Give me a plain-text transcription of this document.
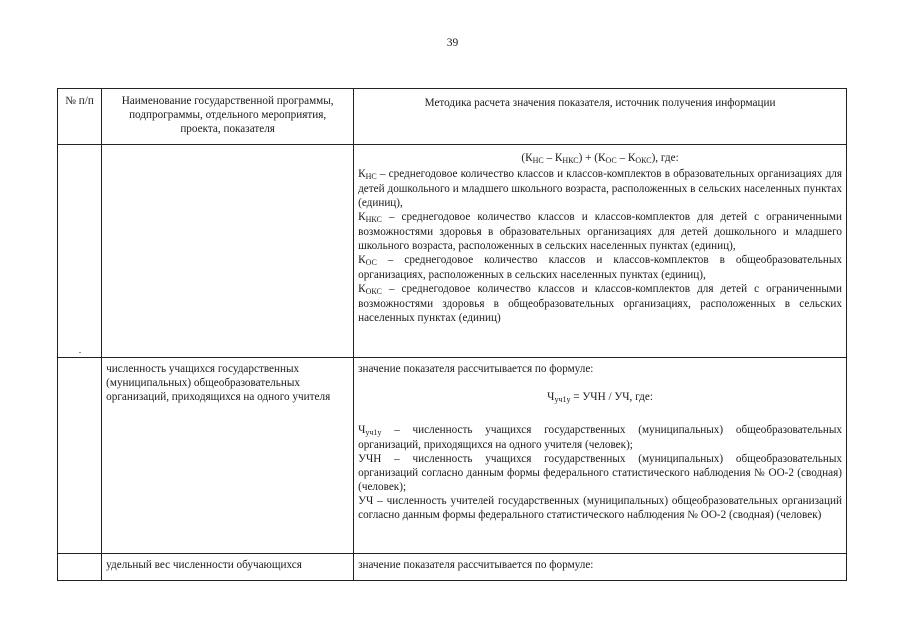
39
№ п/п	Наименование государственной программы, подпрограммы, отдельного мероприятия, проекта, показателя	Методика расчета значения показателя, источник получения информации

		(КНС – КНКС) + (КОС – КОКС), где:
КНС – среднегодовое количество классов и классов-комплектов в образовательных организациях для детей дошкольного и младшего школьного возраста, расположенных в сельских населенных пунктах (единиц),
КНКС – среднегодовое количество классов и классов-комплектов для детей с ограниченными возможностями здоровья в образовательных организациях для детей дошкольного и младшего школьного возраста, расположенных в сельских населенных пунктах (единиц),
КОС – среднегодовое количество классов и классов-комплектов в общеобразовательных организациях, расположенных в сельских населенных пунктах (единиц),
КОКС – среднегодовое количество классов и классов-комплектов для детей с ограниченными возможностями здоровья в общеобразовательных организациях, расположенных в сельских населенных пунктах (единиц)

	численность учащихся государственных (муниципальных) общеобразовательных организаций, приходящихся на одного учителя	значение показателя рассчитывается по формуле:
Чуч1у = УЧН / УЧ, где:
Чуч1у – численность учащихся государственных (муниципальных) общеобразовательных организаций, приходящихся на одного учителя (человек);
УЧН – численность учащихся государственных (муниципальных) общеобразовательных организаций согласно данным формы федерального статистического наблюдения № ОО-2 (сводная) (человек);
УЧ – численность учителей государственных (муниципальных) общеобразовательных организаций согласно данным формы федерального статистического наблюдения № ОО-2 (сводная) (человек)

	удельный вес численности обучающихся	значение показателя рассчитывается по формуле:
